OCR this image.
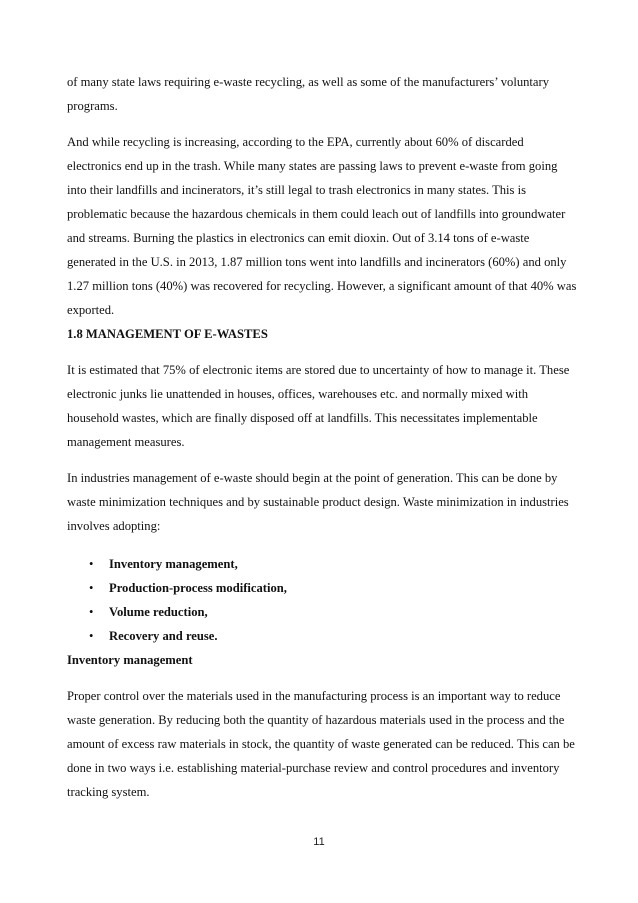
of many state laws requiring e-waste recycling, as well as some of the manufacturers’ voluntary programs.

And while recycling is increasing, according to the EPA, currently about 60% of discarded electronics end up in the trash. While many states are passing laws to prevent e-waste from going into their landfills and incinerators, it’s still legal to trash electronics in many states. This is problematic because the hazardous chemicals in them could leach out of landfills into groundwater and streams. Burning the plastics in electronics can emit dioxin. Out of 3.14 tons of e-waste generated in the U.S. in 2013, 1.87 million tons went into landfills and incinerators (60%) and only 1.27 million tons (40%) was recovered for recycling. However, a significant amount of that 40% was exported.

1.8 MANAGEMENT OF E-WASTES

It is estimated that 75% of electronic items are stored due to uncertainty of how to manage it. These electronic junks lie unattended in houses, offices, warehouses etc. and normally mixed with household wastes, which are finally disposed off at landfills. This necessitates implementable management measures.

In industries management of e-waste should begin at the point of generation. This can be done by waste minimization techniques and by sustainable product design. Waste minimization in industries involves adopting:

• Inventory management,
• Production-process modification,
• Volume reduction,
• Recovery and reuse.

Inventory management

Proper control over the materials used in the manufacturing process is an important way to reduce waste generation. By reducing both the quantity of hazardous materials used in the process and the amount of excess raw materials in stock, the quantity of waste generated can be reduced. This can be done in two ways i.e. establishing material-purchase review and control procedures and inventory tracking system.

11
